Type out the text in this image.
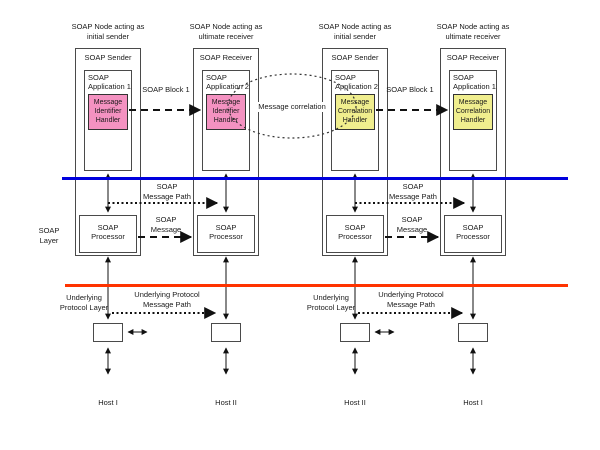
SOAP Node acting as
initial sender
SOAP Sender
SOAP
Application 1
Message
Identifier
Handler
SOAP
Processor
Host I
SOAP Node acting as
ultimate receiver
SOAP Receiver
SOAP
Application 2
Message
Identifier
Handler
SOAP
Processor
Host II
SOAP Node acting as
initial sender
SOAP Sender
SOAP
Application 2
Message
Correlation
Handler
SOAP
Processor
Host II
SOAP Node acting as
ultimate receiver
SOAP Receiver
SOAP
Application 1
Message
Correlation
Handler
SOAP
Processor
Host I
SOAP Block 1	SOAP Block 1
Message correlation
SOAP
Message Path
SOAP
Message Path
SOAP
Message
SOAP
Message
SOAP
Layer
Underlying
Protocol Layer
Underlying
Protocol Layer
Underlying Protocol
Message Path
Underlying Protocol
Message Path
